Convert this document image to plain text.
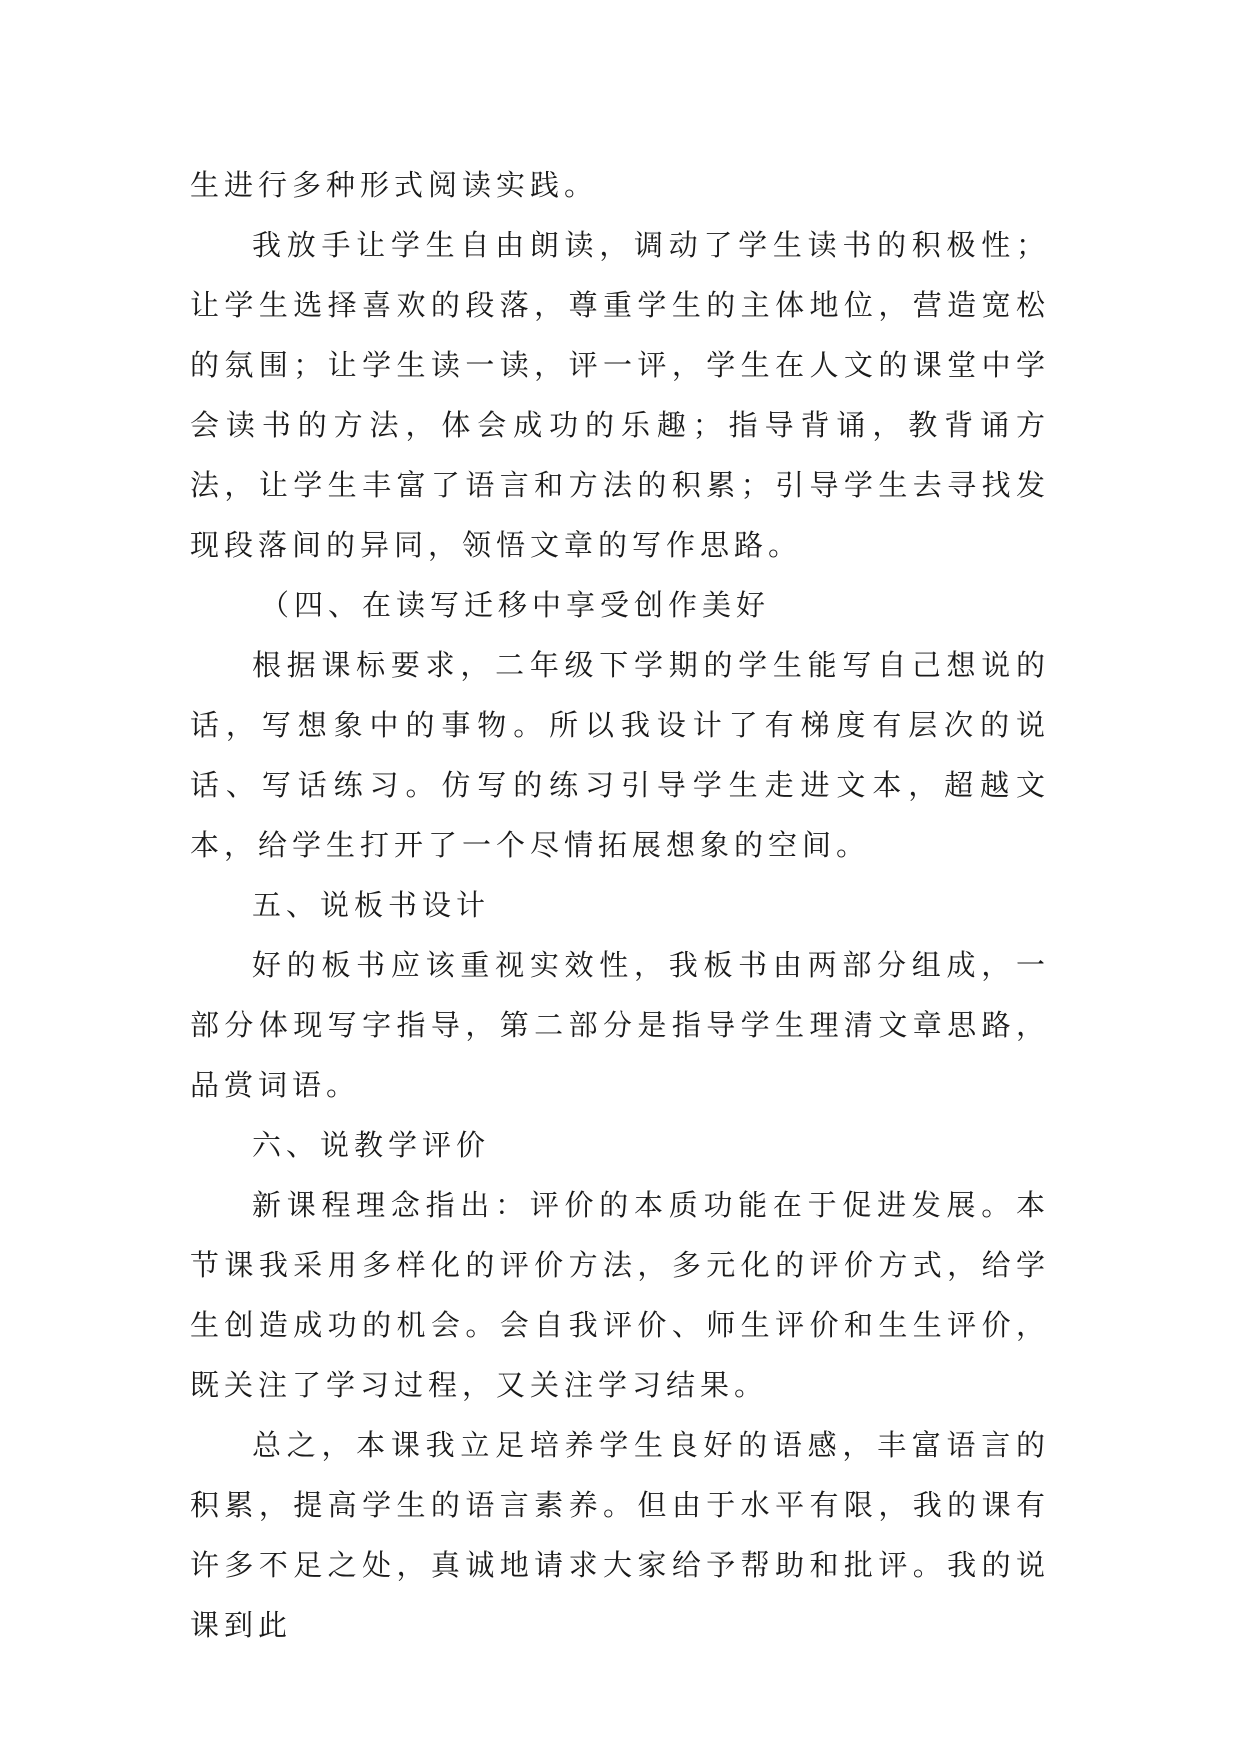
生进行多种形式阅读实践。

我放手让学生自由朗读，调动了学生读书的积极性；让学生选择喜欢的段落，尊重学生的主体地位，营造宽松的氛围；让学生读一读，评一评，学生在人文的课堂中学会读书的方法，体会成功的乐趣；指导背诵，教背诵方法，让学生丰富了语言和方法的积累；引导学生去寻找发现段落间的异同，领悟文章的写作思路。

（四、在读写迁移中享受创作美好

根据课标要求，二年级下学期的学生能写自己想说的话，写想象中的事物。所以我设计了有梯度有层次的说话、写话练习。仿写的练习引导学生走进文本，超越文本，给学生打开了一个尽情拓展想象的空间。

五、说板书设计

好的板书应该重视实效性，我板书由两部分组成，一部分体现写字指导，第二部分是指导学生理清文章思路，品赏词语。

六、说教学评价

新课程理念指出：评价的本质功能在于促进发展。本节课我采用多样化的评价方法，多元化的评价方式，给学生创造成功的机会。会自我评价、师生评价和生生评价，既关注了学习过程，又关注学习结果。

总之，本课我立足培养学生良好的语感，丰富语言的积累，提高学生的语言素养。但由于水平有限，我的课有许多不足之处，真诚地请求大家给予帮助和批评。我的说课到此
